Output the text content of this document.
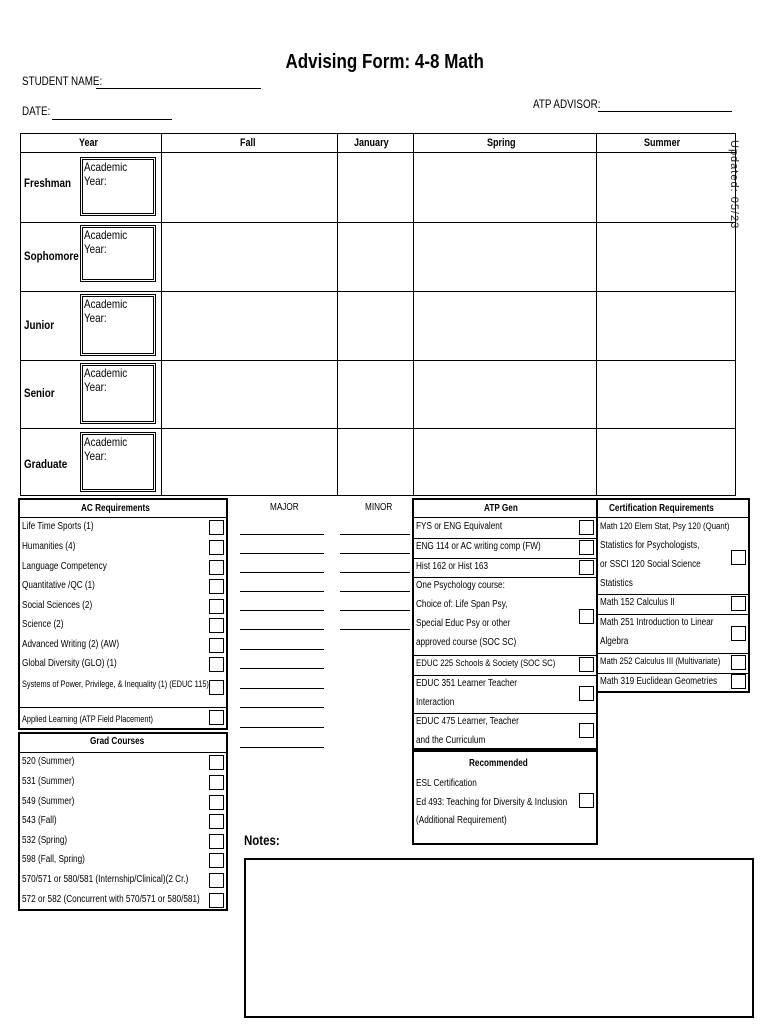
Advising Form: 4-8 Math
STUDENT NAME:
DATE:	ATP ADVISOR:
Updated: 05/23
Year	Fall	January	Spring	Summer
Freshman
Academic Year:
Sophomore
Academic Year:
Junior
Academic Year:
Senior
Academic Year:
Graduate
Academic Year:
AC Requirements
Life Time Sports (1)
Humanities (4)
Language Competency
Quantitative /QC (1)
Social Sciences (2)
Science (2)
Advanced Writing (2) (AW)
Global Diversity (GLO) (1)
Systems of Power, Privilege, & Inequality (1) (EDUC 115)
Applied Learning (ATP Field Placement)
Grad Courses
520 (Summer)
531 (Summer)
549 (Summer)
543 (Fall)
532 (Spring)
598 (Fall, Spring)
570/571 or 580/581 (Internship/Clinical)(2 Cr.)
572 or 582 (Concurrent with 570/571 or 580/581)
MAJOR	MINOR	ATP Gen
FYS or ENG Equivalent
ENG 114 or AC writing comp (FW)
Hist 162 or Hist 163
One Psychology course:
Choice of: Life Span Psy,
Special Educ Psy or other
approved course (SOC SC)
EDUC 225 Schools & Society (SOC SC)
EDUC 351 Learner Teacher
Interaction
EDUC 475 Learner, Teacher
and the Curriculum
Recommended
ESL Certification
Ed 493: Teaching for Diversity & Inclusion
(Additional Requirement)
Certification Requirements
Math 120 Elem Stat, Psy 120 (Quant)
Statistics for Psychologists,
or SSCI 120 Social Science
Statistics
Math 152 Calculus II
Math 251 Introduction to Linear
Algebra
Math 252 Calculus III (Multivariate)
Math 319 Euclidean Geometries
Notes:
